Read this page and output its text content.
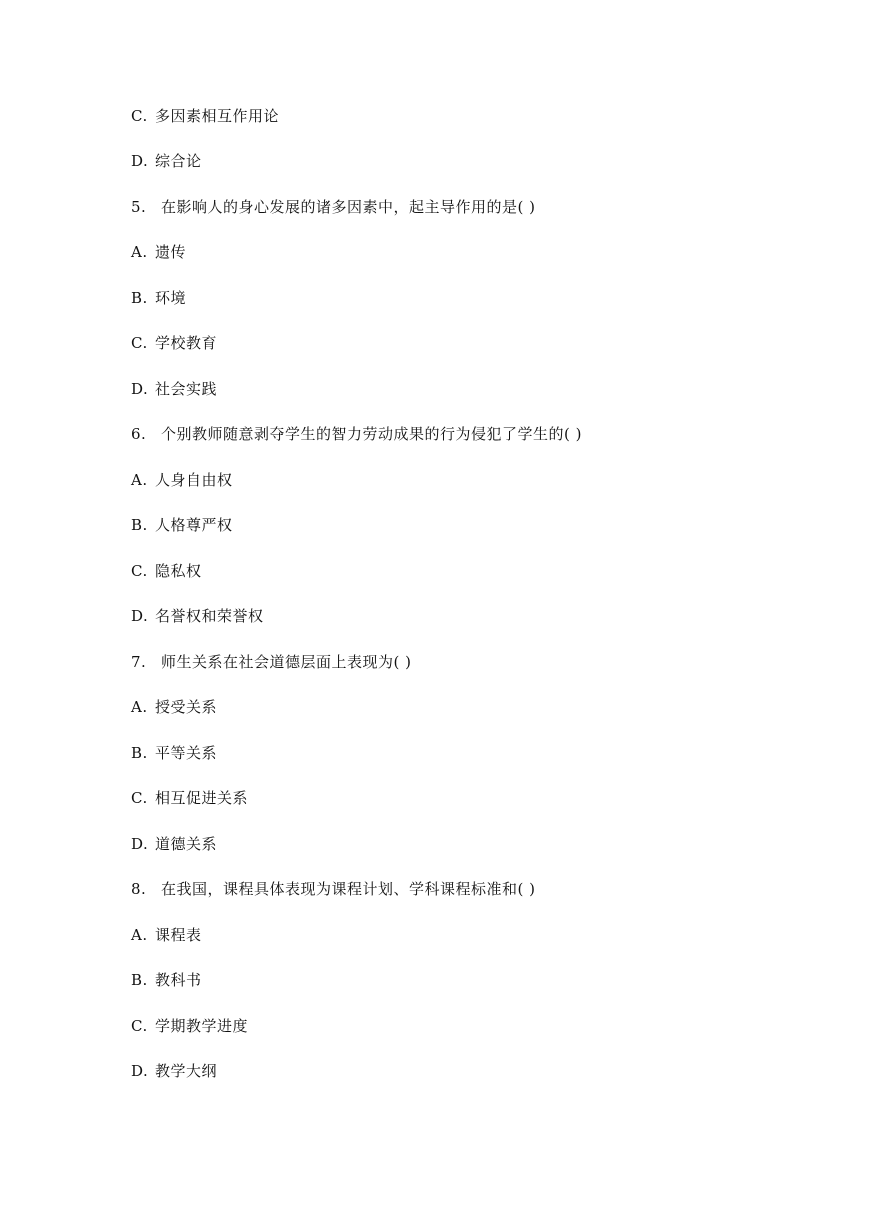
C. 多因素相互作用论
D. 综合论
5. 在影响人的身心发展的诸多因素中，起主导作用的是( )
A. 遗传
B. 环境
C. 学校教育
D. 社会实践
6. 个别教师随意剥夺学生的智力劳动成果的行为侵犯了学生的( )
A. 人身自由权
B. 人格尊严权
C. 隐私权
D. 名誉权和荣誉权
7. 师生关系在社会道德层面上表现为( )
A. 授受关系
B. 平等关系
C. 相互促进关系
D. 道德关系
8. 在我国，课程具体表现为课程计划、学科课程标准和( )
A. 课程表
B. 教科书
C. 学期教学进度
D. 教学大纲
